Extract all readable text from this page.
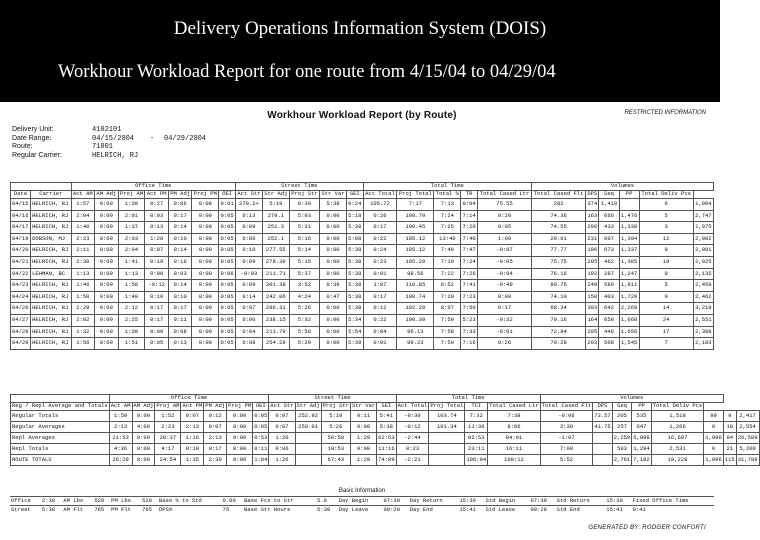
Delivery Operations Information System (DOIS)
Workhour Workload Report for one route from 4/15/04 to 04/29/04
Workhour Workload Report (by Route)	RESTRICTED INFORMATION
Delivery Unit:	4102101
Date Range:	04/15/2004	-	04/29/2004
Route:	71001
Regular Carrier:	HELRICH, RJ
		Office Time							Street Time					Total Time					Volumes					
Date	Carrier	Act AM	AM Adj	Proj AM	Act PM	PM Adj	Proj PM	OEI	Act Str	Str Adj	Proj Str	Str Var	SEI	Act Total	Proj Total	Total %	TR	Total Cased Ltr	Total Cased Flt	DPS	Seq	PP	Total Deliv Pcs	
04/15	HELRICH, RJ	1:57	0:00	1:30	0:27	0:06	0:08	0:01	270.2+	5:19	0:30	5:38	0:24	105.72	7:17	7:13	0:04	75.55	202	374	1,418		6	1,904
04/16	HELRICH, RJ	2:04	0:00	2:01	0:03	0:17	0:00	0:05	0:13	279.1	5:03	0:00	5:18	0:26	108.79	7:24	7:14	0:20	74.36	163	666	1,476	5	2,747
04/17	HELRICH, RJ	1:40	0:00	1:37	0:13	0:14	0:00	0:05	0:09	251.3	5:31	0:00	5:38	0:17	100.45	7:25	7:20	0:05	74.55	200	433	1,338	3	1,975
04/19	DOBSON, MJ	2:23	0:00	2:03	1:20	0:10	0:00	0:05	0:06	252.1	5:16	0:00	5:08	0:22	105.12	13:40	7:40	1:00	29.01	231	607	1,304	12	2,082
04/20	HELRICH, RJ	2:11	0:00	2:04	0:07	0:14	0:00	0:05	0:10	277.55	5:14	0:00	5:38	0:24	105.12	7:40	7:47	-0:07	77.77	196	673	1,337	9	2,091
04/21	HELRICH, RJ	2:30	0:00	1:41	0:19	0:16	0:00	0:05	0:09	278.39	5:15	0:00	5:38	0:23	105.28	7:19	7:24	-0:05	75.75	205	462	1,385	10	2,025
04/22	LEHMAN, BC	1:13	0:00	1:13	0:00	0:03	0:00	0:06	-0:03	211.71	5:37	0:00	5:38	0:01	98.56	7:22	7:26	-0:04	76.16	192	287	1,247	9	2,135
04/23	HELRICH, RJ	1:46	0:00	1:58	-0:12	0:14	0:00	0:05	0:09	301.38	3:52	0:39	5:38	1:07	110.85	6:52	7:41	-0:49	80.75	249	589	1,811	5	2,459
04/24	HELRICH, RJ	1:50	0:00	1:40	0:10	0:10	0:00	0:05	0:14	242.06	4:24	0:47	5:38	0:17	100.74	7:20	7:23	0:00	74.10	150	403	1,720	0	2,462
04/26	HELRICH, RJ	2:29	0:00	2:12	0:17	0:17	0:00	0:05	0:07	296.31	5:26	0:00	5:38	0:12	102.20	8:07	7:50	0:17	68.34	303	642	2,269	14	3,219
04/27	HELRICH, RJ	2:02	0:00	2:25	0:17	0:11	0:00	0:05	0:06	238.15	5:32	0:00	5:34	0:22	100.39	7:59	5:23	-0:32	70.16	164	658	1,668	24	2,551
04/28	HELRICH, RJ	1:32	0:00	1:39	0:00	0:08	0:00	0:05	0:04	211.79	5:50	0:00	5:54	0:04	96.13	7:58	7:33	-0:01	72.84	205	448	1,656	17	2,388
04/29	HELRICH, RJ	1:56	0:00	1:51	0:05	0:13	0:00	0:05	0:08	254.28	5:29	0:00	5:39	0:01	99.23	7:50	7:16	0:26	70.28	203	508	1,545	7	2,183
	Office Time							Street Time					Total Time				Volumes							
Reg / Repl Average and Totals	Act AM	AM Adj	Proj AM	Act PM	PM Adj	Proj PM	OEI	Act Str	Str Adj	Proj Str	Str Var	SEI	Act Total	Proj Total	TCI	Total Cased Ltr	Total Cased Flt	DPS	Seq	PP	Total Deliv Pcs			
Regular Totals	1:59	0:00	1:52	0:07	0:12	0:00	0:05	0:07	252.92	5:10	0:11	5:41	-0:30	103.74	7:32	7:38	-0:06	73.57	205	535	1,518	99	9	2,417
Regular Averages	2:13	4:00	2:23	2:13	0:07	0:00	0:05	0:07	250.01	5:26	0:00	5:38	-0:12	101.34	11:36	8:06	3:30	41.75	257	647	1,266	0	10	2,554
Repl Averages	21:53	0:00	20:37	1:16	2:13	0:00	0:53	1:20		56:50	1:29	62:53	-2:44		82:53	84:01	-1:07		2,259	5,888	16,697	1,096	94	26,589
Repl Totals	4:36	0:00	4:17	0:19	0:17	0:00	0:11	0:06		10:53	0:00	11:16	0:23		23:11	16:11	7:00		503	1,294	2,531	0	21	5,200
ROUTE TOTALS	26:29	0:00	24:54	1:35	2:30	0:00	1:04	1:26		67:43	1:29	74:09	-2:21		106:04	100:12	5:52		2,761	7,182	19,228	1,096	115	31,789
Basic Information
Office	2:30	AM Lbs	520	PM Lbs	520	Base % to Std	0.00	Base Fcs to Str	5.0	Day Begin	07:30	Day Return	15:30	Std Begin	07:30	Std Return	15:30	Fixed Office Time
Street	5:38	AM Flt	765	PM Flt	765	DPS%	75	Base Str Hours	5:38	Day Leave	09:28	Day End	15:41	Std Leave	09:28	Std End	15:41	0:41
GENERATED BY: RODGER CONFORTI
